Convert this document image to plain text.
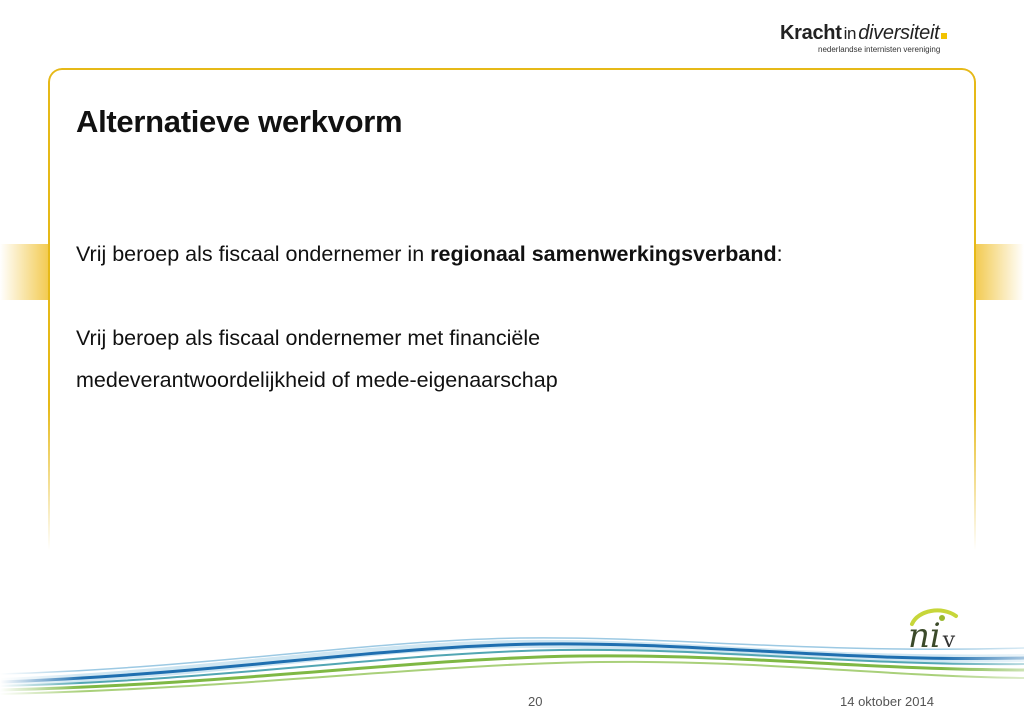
Kracht in diversiteit
nederlandse internisten vereniging
Alternatieve werkvorm
Vrij beroep als fiscaal ondernemer in regionaal samenwerkingsverband:
Vrij beroep als fiscaal ondernemer met financiële
medeverantwoordelijkheid of mede-eigenaarschap
niv
20	14 oktober 2014
